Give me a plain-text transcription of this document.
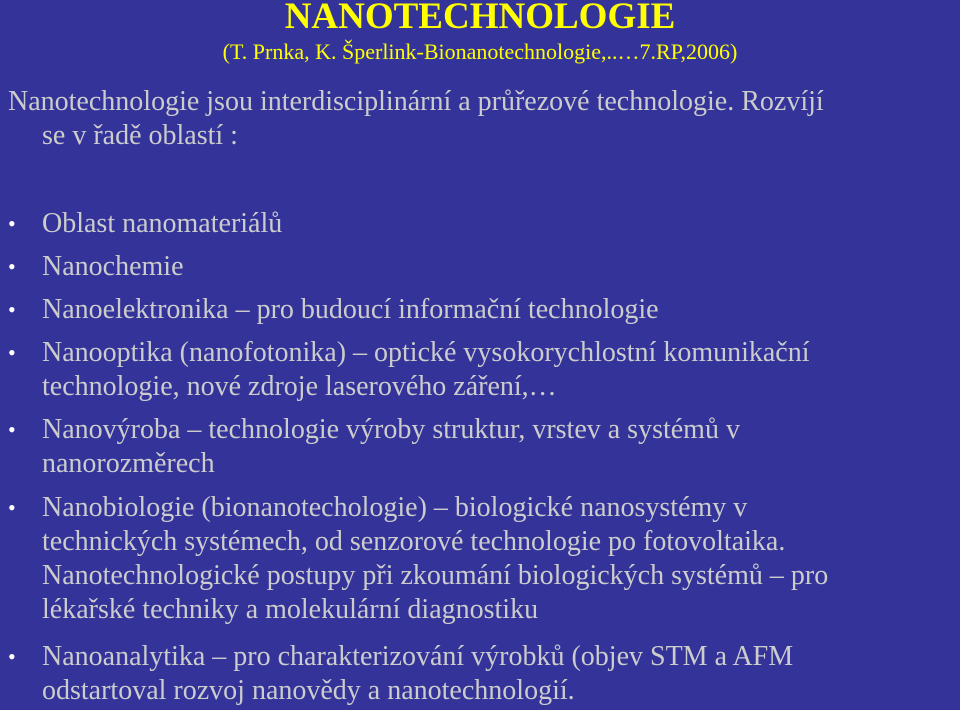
NANOTECHNOLOGIE
(T. Prnka, K. Šperlink-Bionanotechnologie,..…7.RP,2006)
Nanotechnologie jsou interdisciplinární a průřezové technologie. Rozvíjí
se v řadě oblastí :
• Oblast nanomateriálů
• Nanochemie
• Nanoelektronika – pro budoucí informační technologie
• Nanooptika (nanofotonika) – optické vysokorychlostní komunikační
technologie, nové zdroje laserového záření,…
• Nanovýroba – technologie výroby struktur, vrstev a systémů v
nanorozměrech
• Nanobiologie (bionanotechologie) – biologické nanosystémy v
technických systémech, od senzorové technologie po fotovoltaika.
Nanotechnologické postupy při zkoumání biologických systémů – pro
lékařské techniky a molekulární diagnostiku
• Nanoanalytika – pro charakterizování výrobků (objev STM a AFM
odstartoval rozvoj nanovědy a nanotechnologií.
